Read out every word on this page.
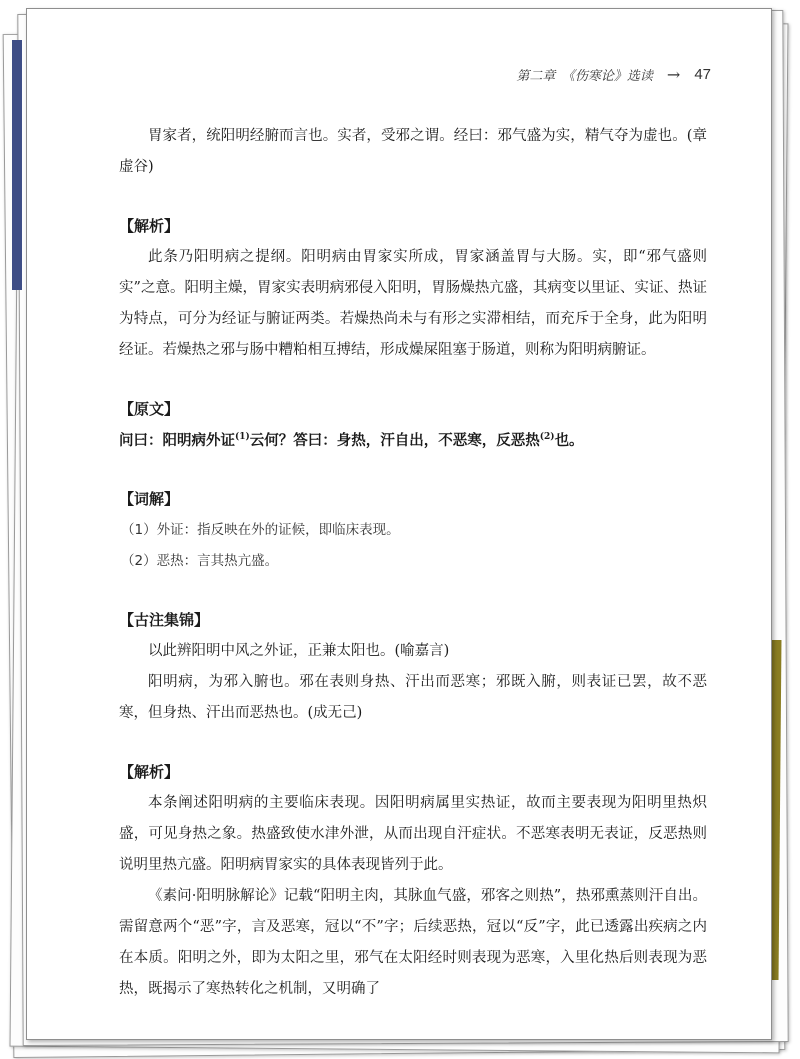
第二章　《伤寒论》选读 → 47

胃家者，统阳明经腑而言也。实者，受邪之谓。经曰：邪气盛为实，精气夺为虚也。(章虚谷)

【解析】

此条乃阳明病之提纲。阳明病由胃家实所成，胃家涵盖胃与大肠。实，即“邪气盛则实”之意。阳明主燥，胃家实表明病邪侵入阳明，胃肠燥热亢盛，其病变以里证、实证、热证为特点，可分为经证与腑证两类。若燥热尚未与有形之实滞相结，而充斥于全身，此为阳明经证。若燥热之邪与肠中糟粕相互搏结，形成燥屎阻塞于肠道，则称为阳明病腑证。

【原文】

问曰：阳明病外证$^{(1)}$云何？答曰：身热，汗自出，不恶寒，反恶热$^{(2)}$也。

【词解】

（1）外证：指反映在外的证候，即临床表现。

（2）恶热：言其热亢盛。

【古注集锦】

以此辨阳明中风之外证，正兼太阳也。(喻嘉言)

阳明病，为邪入腑也。邪在表则身热、汗出而恶寒；邪既入腑，则表证已罢，故不恶寒，但身热、汗出而恶热也。(成无己)

【解析】

本条阐述阳明病的主要临床表现。因阳明病属里实热证，故而主要表现为阳明里热炽盛，可见身热之象。热盛致使水津外泄，从而出现自汗症状。不恶寒表明无表证，反恶热则说明里热亢盛。阳明病胃家实的具体表现皆列于此。

《素问·阳明脉解论》记载“阳明主肉，其脉血气盛，邪客之则热”，热邪熏蒸则汗自出。需留意两个“恶”字，言及恶寒，冠以“不”字；后续恶热，冠以“反”字，此已透露出疾病之内在本质。阳明之外，即为太阳之里，邪气在太阳经时则表现为恶寒，入里化热后则表现为恶热，既揭示了寒热转化之机制，又明确了
